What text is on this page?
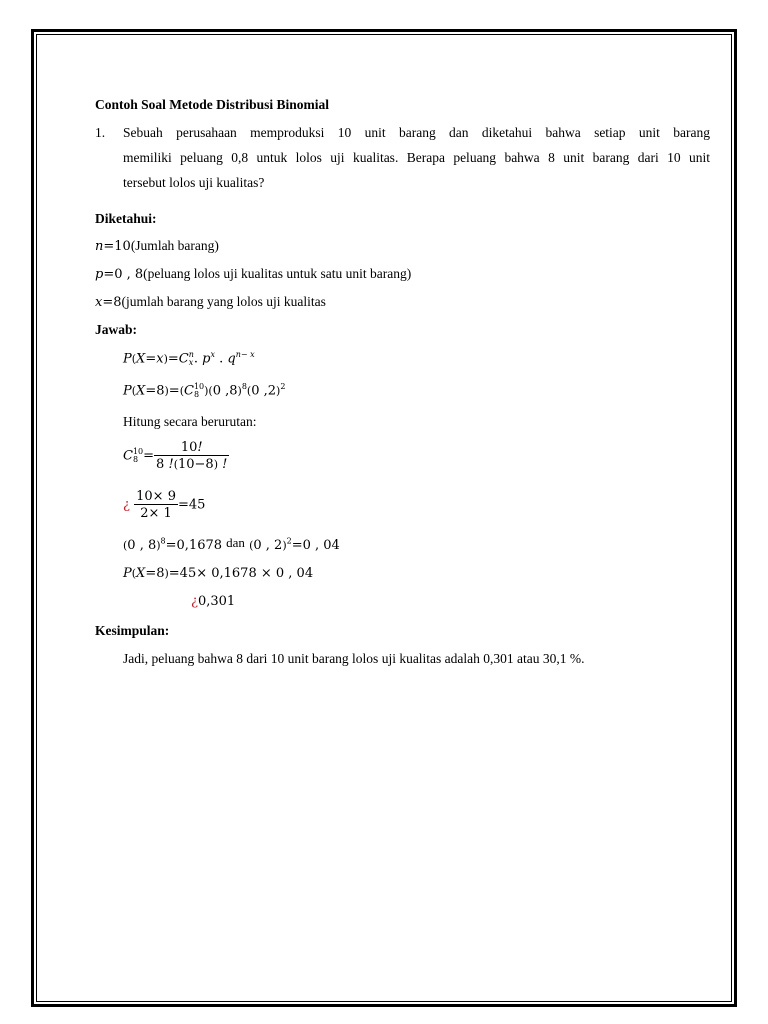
Contoh Soal Metode Distribusi Binomial
1. Sebuah perusahaan memproduksi 10 unit barang dan diketahui bahwa setiap unit barang
memiliki peluang 0,8 untuk lolos uji kualitas. Berapa peluang bahwa 8 unit barang dari 10 unit
tersebut lolos uji kualitas?
Diketahui:
n=10(Jumlah barang)
p=0 , 8(peluang lolos uji kualitas untuk satu unit barang)
x=8(jumlah barang yang lolos uji kualitas
Jawab:
P(X=x)=Cn
x. $p^x$ . $q^{n- x}$
P(X=8)=(C10
8 )(0 ,8)$^8$(0 ,2)$^2$
Hitung secara berurutan:
C10
$8 = \frac{10!}{8 !(10-8) !}$
¿ $\frac{10\times 9}{2\times 1} =45$
(0 , 8)$^8$=0,1678 dan (0 , 2)$^2$=0 , 04
P(X=8)=45× 0,1678 × 0 , 04
¿0,301
Kesimpulan:
Jadi, peluang bahwa 8 dari 10 unit barang lolos uji kualitas adalah 0,301 atau 30,1 %.
